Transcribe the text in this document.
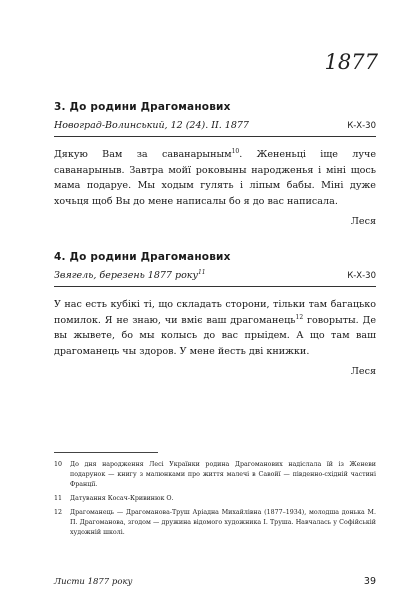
1877
3. До родини Драгоманових
Новоград-Волинський, 12 (24). II. 1877	К-Х-30
Дякую Вам за саванарыным$^{10}$. Жененьці іще луче саванарыныв. Завтра мойї роковыны народженья і міні щось мама подаруе. Мы ходым гулять і ліпым бабы. Міні дуже хочьця щоб Вы до мене написалы бо я до вас написала.
Леся
4. До родини Драгоманових
Звягель, березень 1877 року$^{11}$	К-Х-30
У нас есть кубікі ті, що складать сторони, тільки там багацько помилок. Я не знаю, чи вміє ваш драгоманець$^{12}$ говорыты. Де вы жывете, бо мы колысь до вас прыідем. А що там ваш драгоманець чы здоров. У мене йесть дві книжки.
Леся
10	До дня народження Лесі Українки родина Драгоманових надіслала їй із Женеви подарунок — книгу з малюнками про життя малечі в Савойї — південно-східній частині Франції.
11	Датування Косач-Кривинюк О.
12	Драгоманець — Драгоманова-Труш Аріадна Михайлівна (1877–1934), молодша донька М. П. Драгоманова, згодом — дружина відомого художника І. Труша. Навчалась у Софійській художній школі.
Листи 1877 року	39
